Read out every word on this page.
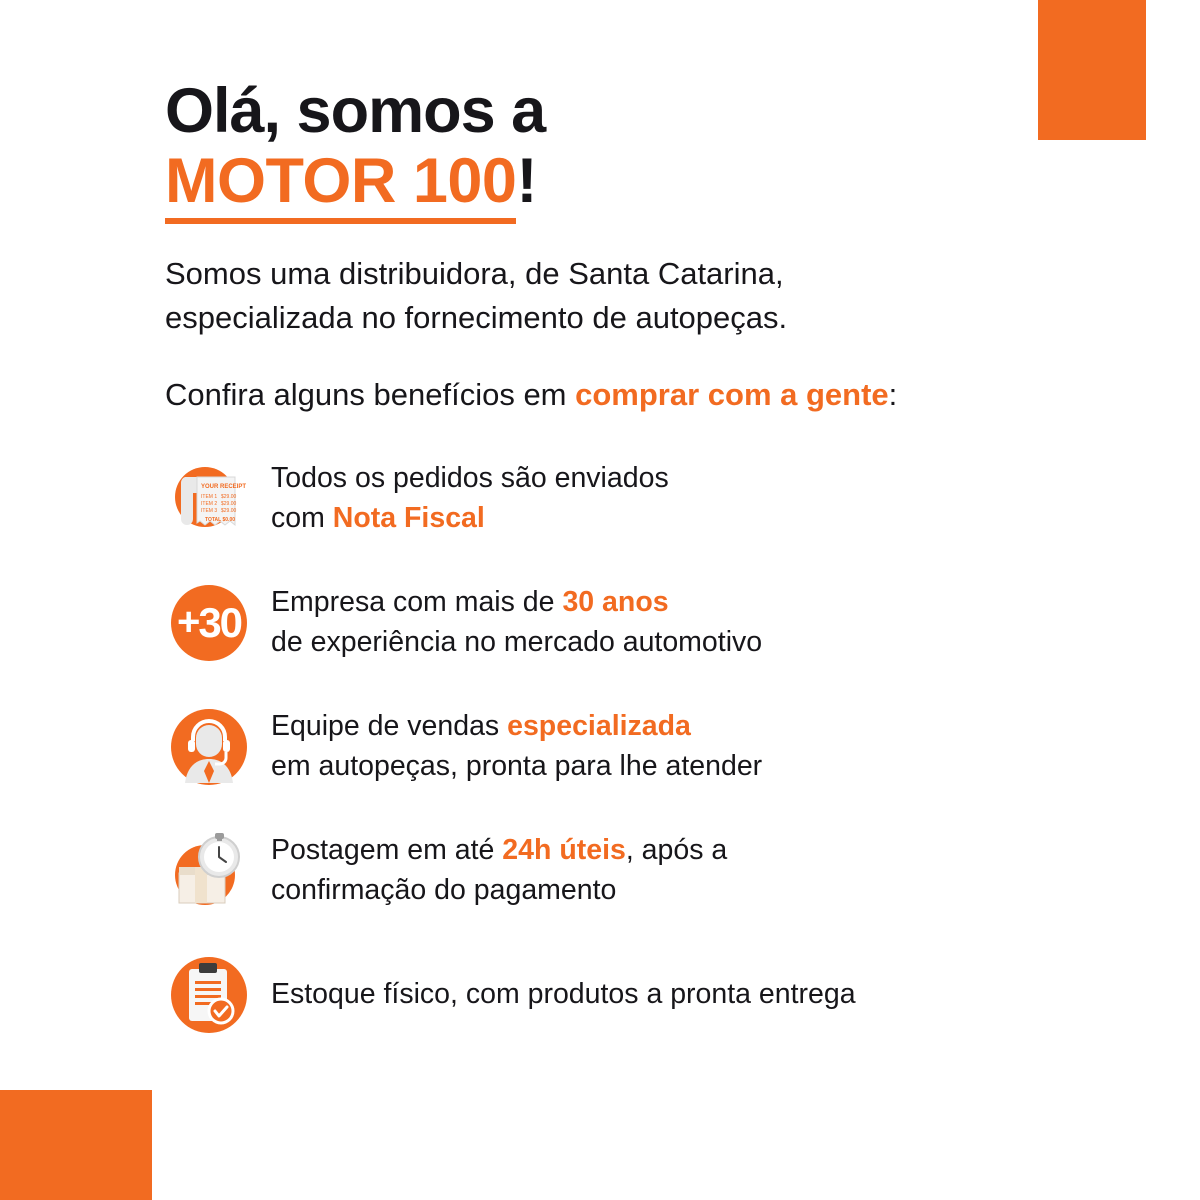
Olá, somos a
MOTOR 100!

Somos uma distribuidora, de Santa Catarina,
especializada no fornecimento de autopeças.

Confira alguns benefícios em comprar com a gente:

YOUR RECEIPT
ITEM 1 $29.00
ITEM 2 $29.00
ITEM 3 $29.00
TOTAL $0.00
Todos os pedidos são enviados
com Nota Fiscal
+ 30 Empresa com mais de 30 anos
de experiência no mercado automotivo
Equipe de vendas especializada
em autopeças, pronta para lhe atender
Postagem em até 24h úteis, após a
confirmação do pagamento
Estoque físico, com produtos a pronta entrega
